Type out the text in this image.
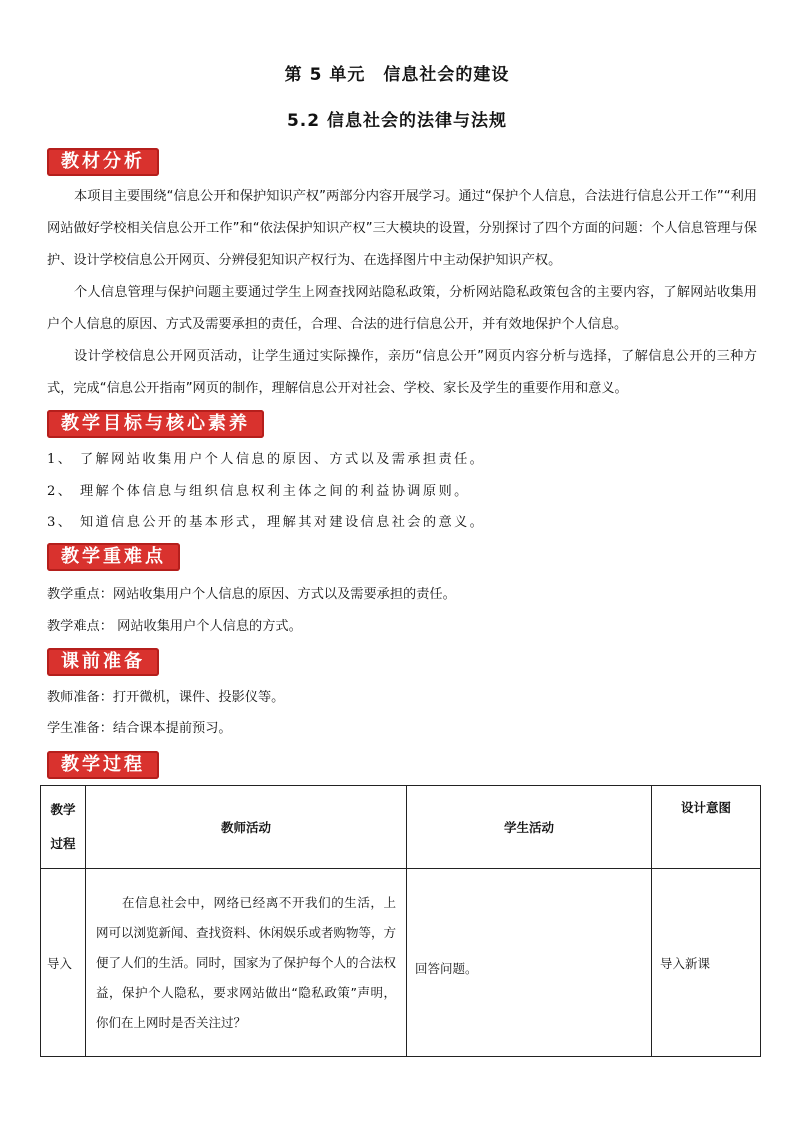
第 5 单元　信息社会的建设
5.2 信息社会的法律与法规
教材分析
本项目主要围绕“信息公开和保护知识产权”两部分内容开展学习。通过“保护个人信息，合法进行信息公开工作”“利用网站做好学校相关信息公开工作”和“依法保护知识产权”三大模块的设置，分别探讨了四个方面的问题：个人信息管理与保护、设计学校信息公开网页、分辨侵犯知识产权行为、在选择图片中主动保护知识产权。
个人信息管理与保护问题主要通过学生上网查找网站隐私政策，分析网站隐私政策包含的主要内容，了解网站收集用户个人信息的原因、方式及需要承担的责任，合理、合法的进行信息公开，并有效地保护个人信息。
设计学校信息公开网页活动，让学生通过实际操作，亲历“信息公开”网页内容分析与选择，了解信息公开的三种方式，完成“信息公开指南”网页的制作，理解信息公开对社会、学校、家长及学生的重要作用和意义。
教学目标与核心素养
1、 了解网站收集用户个人信息的原因、方式以及需承担责任。
2、 理解个体信息与组织信息权利主体之间的利益协调原则。
3、 知道信息公开的基本形式，理解其对建设信息社会的意义。
教学重难点
教学重点：网站收集用户个人信息的原因、方式以及需要承担的责任。
教学难点： 网站收集用户个人信息的方式。
课前准备
教师准备：打开微机，课件、投影仪等。
学生准备：结合课本提前预习。
教学过程
教学
过程	教师活动	学生活动	设计意图
导入	在信息社会中，网络已经离不开我们的生活，上网可以浏览新闻、查找资料、休闲娱乐或者购物等，方便了人们的生活。同时，国家为了保护每个人的合法权益，保护个人隐私，要求网站做出“隐私政策”声明，你们在上网时是否关注过？	回答问题。	导入新课
